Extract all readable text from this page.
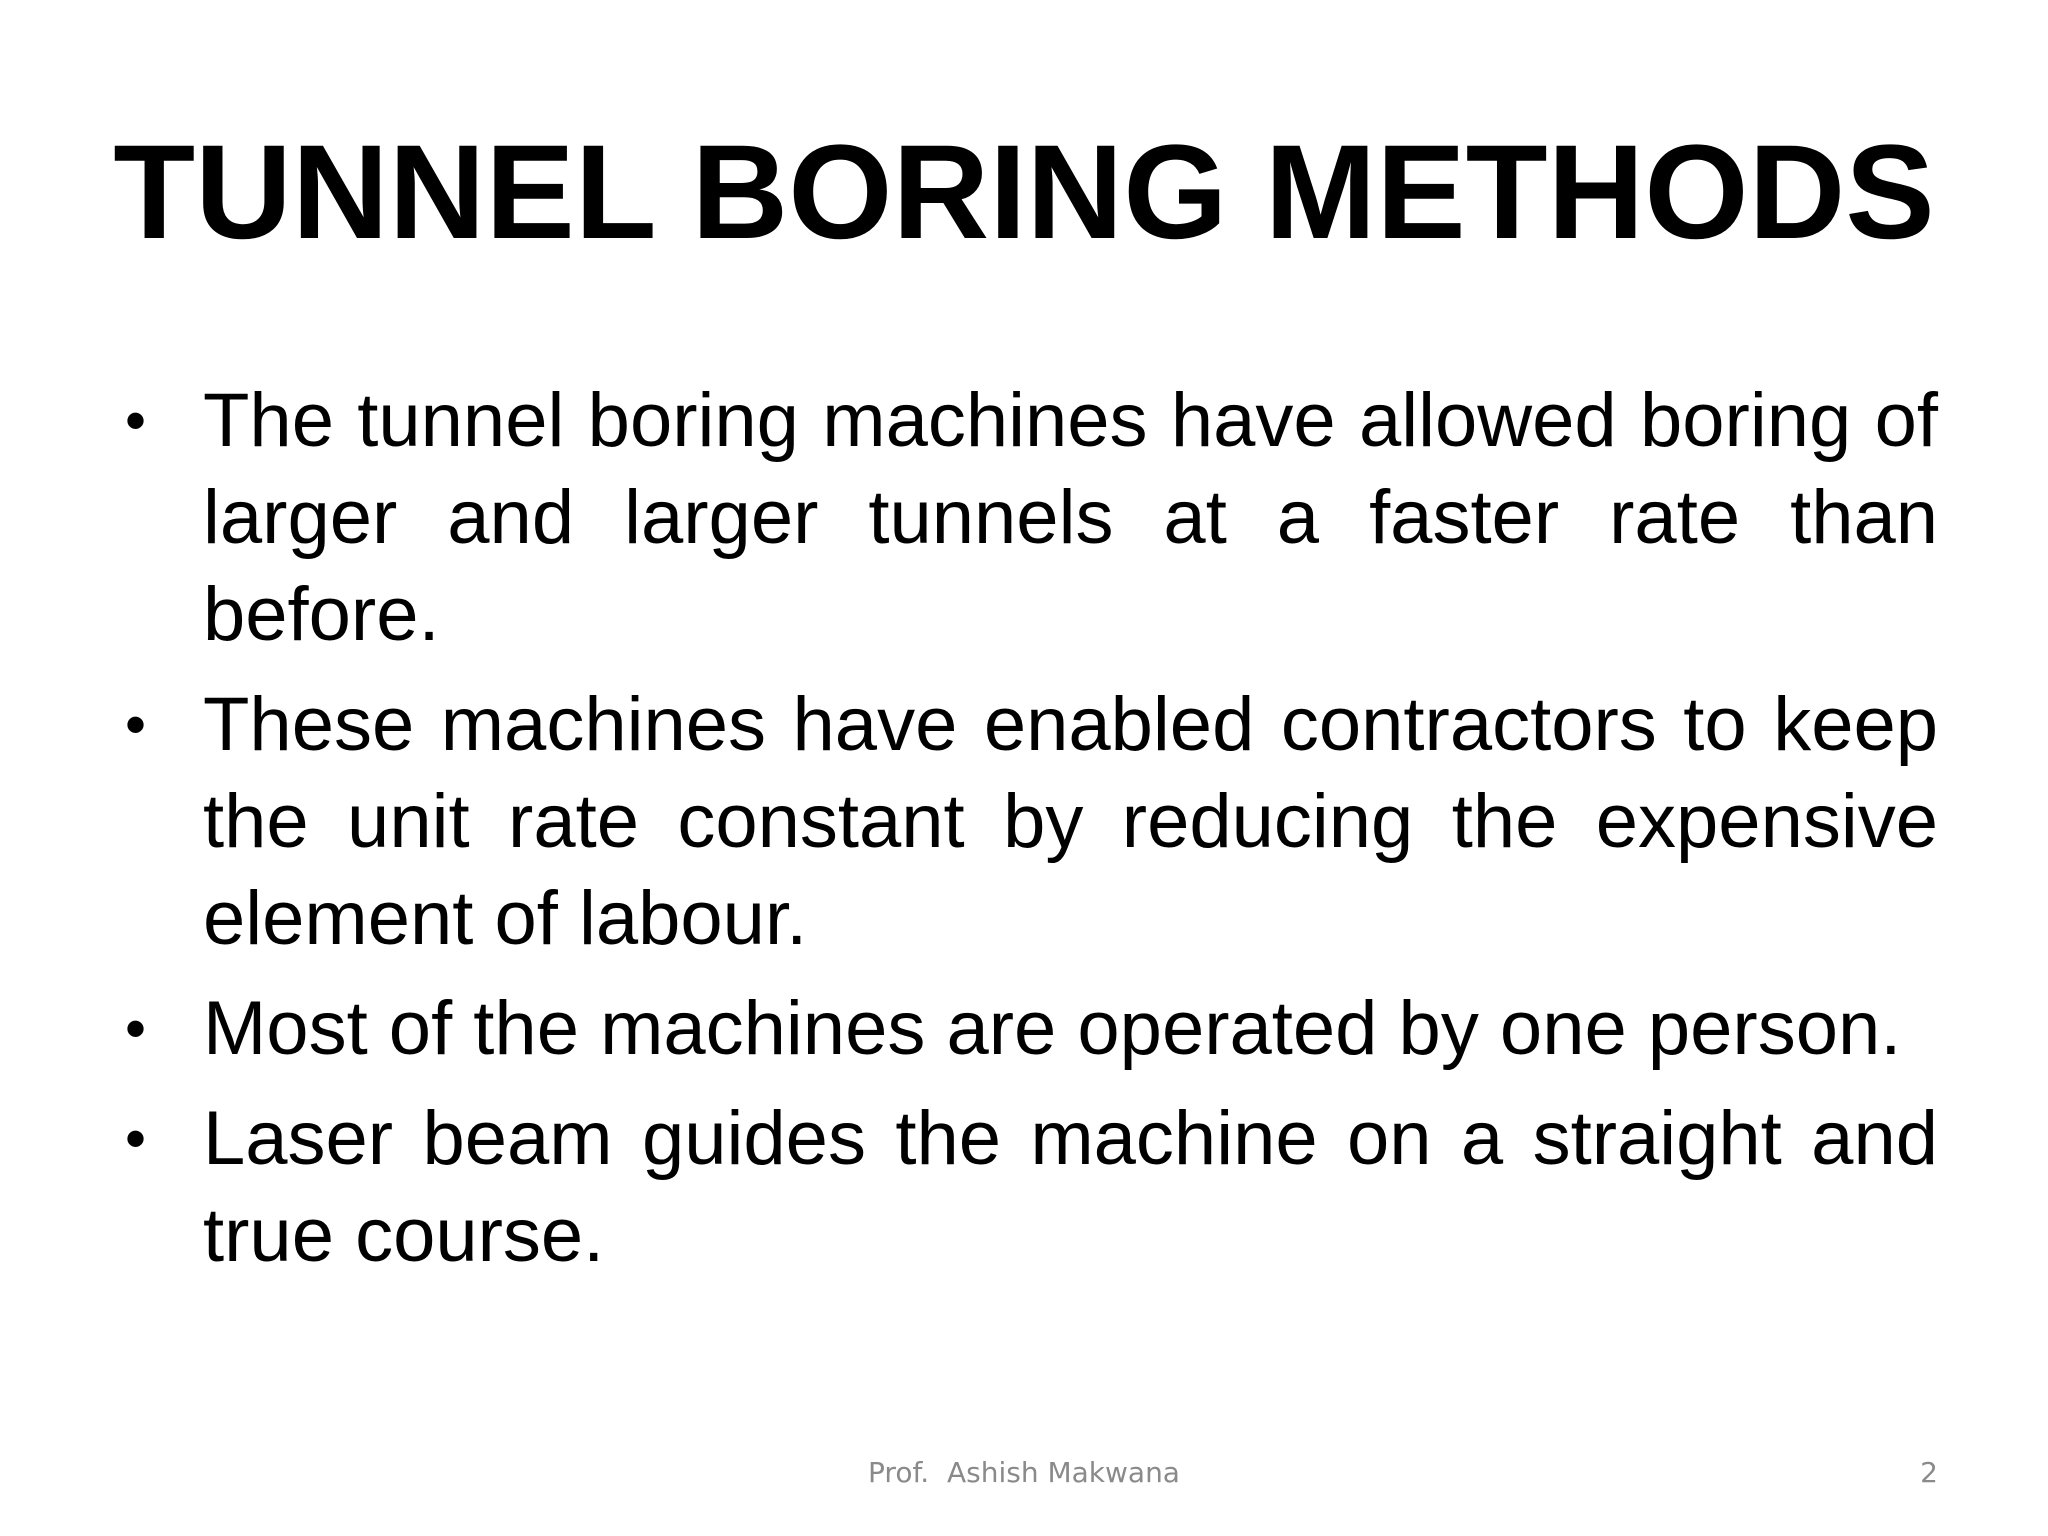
TUNNEL BORING METHODS
• The tunnel boring machines have allowed boring of larger and larger tunnels at a faster rate than before.
• These machines have enabled contractors to keep the unit rate constant by reducing the expensive element of labour.
• Most of the machines are operated by one person.
• Laser beam guides the machine on a straight and true course.
Prof.  Ashish Makwana	2
